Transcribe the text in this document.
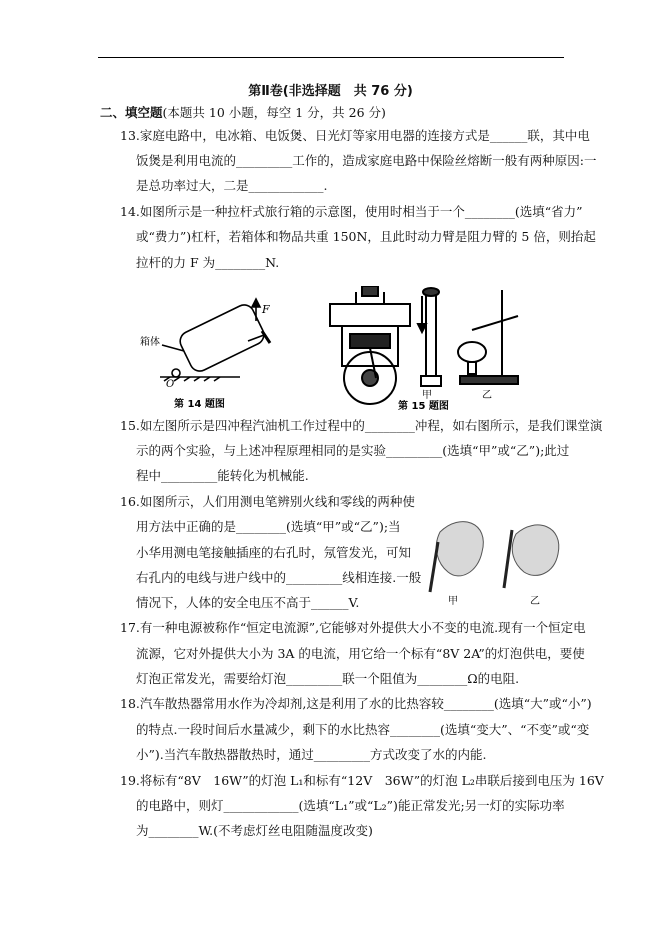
第Ⅱ卷(非选择题　共 76 分)
二、填空题(本题共 10 小题，每空 1 分，共 26 分)
13.家庭电路中，电冰箱、电饭煲、日光灯等家用电器的连接方式是______联，其中电
饭煲是利用电流的_________工作的，造成家庭电路中保险丝熔断一般有两种原因:一
是总功率过大，二是____________.
14.如图所示是一种拉杆式旅行箱的示意图，使用时相当于一个________(选填“省力”
或“费力”)杠杆，若箱体和物品共重 150N，且此时动力臂是阻力臂的 5 倍，则抬起
拉杆的力 F 为________N.
箱体
F
O
第 14 题图
甲	乙
第 15 题图
15.如左图所示是四冲程汽油机工作过程中的________冲程，如右图所示，是我们课堂演
示的两个实验，与上述冲程原理相同的是实验_________(选填“甲”或“乙”);此过
程中_________能转化为机械能.
16.如图所示，人们用测电笔辨别火线和零线的两种使
用方法中正确的是________(选填“甲”或“乙”);当
小华用测电笔接触插座的右孔时，氖管发光，可知
右孔内的电线与进户线中的_________线相连接.一般
情况下，人体的安全电压不高于______V.	甲	乙
17.有一种电源被称作“恒定电流源”,它能够对外提供大小不变的电流.现有一个恒定电
流源，它对外提供大小为 3A 的电流，用它给一个标有“8V 2A”的灯泡供电，要使
灯泡正常发光，需要给灯泡_________联一个阻值为________Ω的电阻.
18.汽车散热器常用水作为冷却剂,这是利用了水的比热容较________(选填“大”或“小”)
的特点.一段时间后水量减少，剩下的水比热容________(选填“变大”、“不变”或“变
小”).当汽车散热器散热时，通过_________方式改变了水的内能.
19.将标有“8V　16W”的灯泡 L₁和标有“12V　36W”的灯泡 L₂串联后接到电压为 16V
的电路中，则灯____________(选填“L₁”或“L₂”)能正常发光;另一灯的实际功率
为________W.(不考虑灯丝电阻随温度改变)
